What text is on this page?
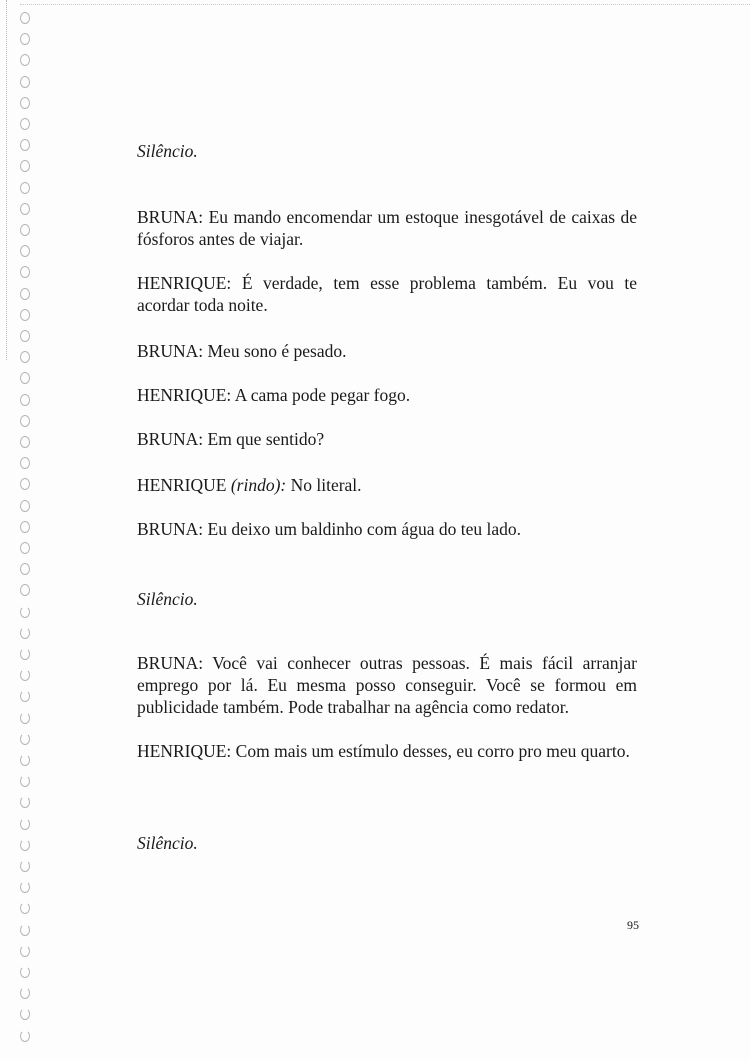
Silêncio.

BRUNA: Eu mando encomendar um estoque inesgotável de caixas de fósforos antes de viajar.

HENRIQUE: É verdade, tem esse problema também. Eu vou te acordar toda noite.

BRUNA: Meu sono é pesado.

HENRIQUE: A cama pode pegar fogo.

BRUNA: Em que sentido?

HENRIQUE (rindo): No literal.

BRUNA: Eu deixo um baldinho com água do teu lado.

Silêncio.

BRUNA: Você vai conhecer outras pessoas. É mais fácil arranjar emprego por lá. Eu mesma posso conseguir. Você se formou em publicidade também. Pode trabalhar na agência como redator.

HENRIQUE: Com mais um estímulo desses, eu corro pro meu quarto.

Silêncio.

95
